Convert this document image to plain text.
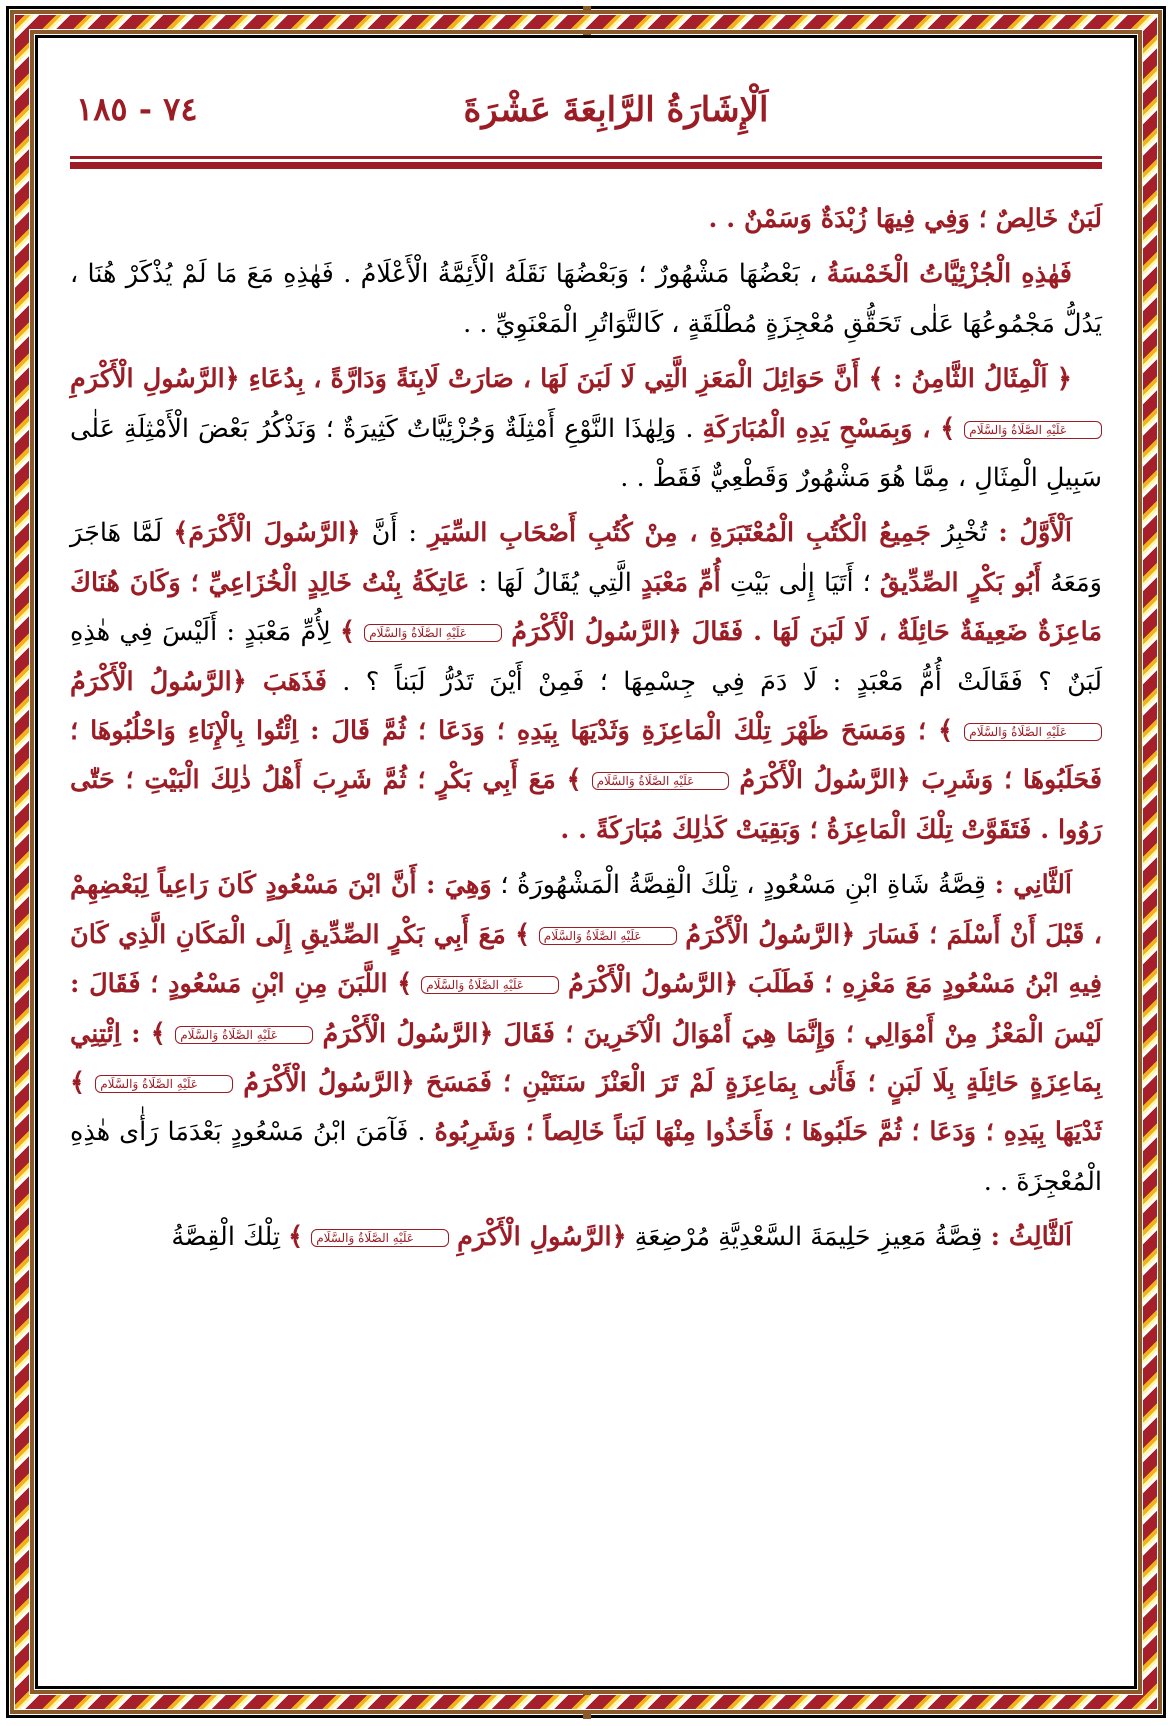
اَلْإِشَارَةُ الرَّابِعَةَ عَشْرَةَ
٧٤ - ١٨٥

لَبَنٌ خَالِصٌ ؛ وَفِي فِيهَا زُبْدَةٌ وَسَمْنٌ . .

فَهٰذِهِ الْجُزْئِيَّاتُ الْخَمْسَةُ ، بَعْضُهَا مَشْهُورٌ ؛ وَبَعْضُهَا نَقَلَهُ الْأَئِمَّةُ الْأَعْلَامُ . فَهٰذِهِ مَعَ مَا لَمْ يُذْكَرْ هُنَا ، يَدُلُّ مَجْمُوعُهَا عَلٰى تَحَقُّقِ مُعْجِزَةٍ مُطْلَقَةٍ ، كَالتَّوَاتُرِ الْمَعْنَوِيِّ . .

﴿ اَلْمِثَالُ الثَّامِنُ : ﴾ أَنَّ حَوَائِلَ الْمَعَزِ الَّتِي لَا لَبَنَ لَهَا ، صَارَتْ لَابِنَةً وَدَارَّةً ، بِدُعَاءِ ﴿الرَّسُولِ الْأَكْرَمِ عَلَيْهِ الصَّلَاةُ وَالسَّلَام ﴾ ، وَبِمَسْحِ يَدِهِ الْمُبَارَكَةِ . وَلِهٰذَا النَّوْعِ أَمْثِلَةٌ وَجُزْئِيَّاتٌ كَثِيرَةٌ ؛ وَنَذْكُرُ بَعْضَ الْأَمْثِلَةِ عَلٰى سَبِيلِ الْمِثَالِ ، مِمَّا هُوَ مَشْهُورٌ وَقَطْعِيٌّ فَقَطْ . .

اَلْأَوَّلُ : تُخْبِرُ جَمِيعُ الْكُتُبِ الْمُعْتَبَرَةِ ، مِنْ كُتُبِ أَصْحَابِ السِّيَرِ : أَنَّ ﴿الرَّسُولَ الْأَكْرَمَ﴾ لَمَّا هَاجَرَ وَمَعَهُ أَبُو بَكْرٍ الصِّدِّيقُ ؛ أَتَيَا إِلٰى بَيْتِ أُمِّ مَعْبَدٍ الَّتِي يُقَالُ لَهَا : عَاتِكَةُ بِنْتُ خَالِدٍ الْخُزَاعِيِّ ؛ وَكَانَ هُنَاكَ مَاعِزَةٌ ضَعِيفَةٌ حَائِلَةٌ ، لَا لَبَنَ لَهَا . فَقَالَ ﴿الرَّسُولُ الْأَكْرَمُ عَلَيْهِ الصَّلَاةُ وَالسَّلَام ﴾ لِأُمِّ مَعْبَدٍ : أَلَيْسَ فِي هٰذِهِ لَبَنٌ ؟ فَقَالَتْ أُمُّ مَعْبَدٍ : لَا دَمَ فِي جِسْمِهَا ؛ فَمِنْ أَيْنَ تَدُرُّ لَبَناً ؟ . فَذَهَبَ ﴿الرَّسُولُ الْأَكْرَمُ عَلَيْهِ الصَّلَاةُ وَالسَّلَام ﴾ ؛ وَمَسَحَ ظَهْرَ تِلْكَ الْمَاعِزَةِ وَثَدْيَهَا بِيَدِهِ ؛ وَدَعَا ؛ ثُمَّ قَالَ : اِئْتُوا بِالْإِنَاءِ وَاحْلُبُوهَا ؛ فَحَلَبُوهَا ؛ وَشَرِبَ ﴿الرَّسُولُ الْأَكْرَمُ عَلَيْهِ الصَّلَاةُ وَالسَّلَام ﴾ مَعَ أَبِي بَكْرٍ ؛ ثُمَّ شَرِبَ أَهْلُ ذٰلِكَ الْبَيْتِ ؛ حَتّٰى رَوُوا . فَتَقَوَّتْ تِلْكَ الْمَاعِزَةُ ؛ وَبَقِيَتْ كَذٰلِكَ مُبَارَكَةً . .

اَلثَّانِي : قِصَّةُ شَاةِ ابْنِ مَسْعُودٍ ، تِلْكَ الْقِصَّةُ الْمَشْهُورَةُ ؛ وَهِيَ : أَنَّ ابْنَ مَسْعُودٍ كَانَ رَاعِياً لِبَعْضِهِمْ ، قَبْلَ أَنْ أَسْلَمَ ؛ فَسَارَ ﴿الرَّسُولُ الْأَكْرَمُ عَلَيْهِ الصَّلَاةُ وَالسَّلَام ﴾ مَعَ أَبِي بَكْرٍ الصِّدِّيقِ إِلَى الْمَكَانِ الَّذِي كَانَ فِيهِ ابْنُ مَسْعُودٍ مَعَ مَعْزِهِ ؛ فَطَلَبَ ﴿الرَّسُولُ الْأَكْرَمُ عَلَيْهِ الصَّلَاةُ وَالسَّلَام ﴾ اللَّبَنَ مِنِ ابْنِ مَسْعُودٍ ؛ فَقَالَ : لَيْسَ الْمَعْزُ مِنْ أَمْوَالِي ؛ وَإِنَّمَا هِيَ أَمْوَالُ الْآخَرِينَ ؛ فَقَالَ ﴿الرَّسُولُ الْأَكْرَمُ عَلَيْهِ الصَّلَاةُ وَالسَّلَام ﴾ : اِئْتِنِي بِمَاعِزَةٍ حَائِلَةٍ بِلَا لَبَنٍ ؛ فَأَتٰى بِمَاعِزَةٍ لَمْ تَرَ الْعَنْزَ سَنَتَيْنِ ؛ فَمَسَحَ ﴿الرَّسُولُ الْأَكْرَمُ عَلَيْهِ الصَّلَاةُ وَالسَّلَام ﴾ ثَدْيَهَا بِيَدِهِ ؛ وَدَعَا ؛ ثُمَّ حَلَبُوهَا ؛ فَأَخَذُوا مِنْهَا لَبَناً خَالِصاً ؛ وَشَرِبُوهُ . فَآمَنَ ابْنُ مَسْعُودٍ بَعْدَمَا رَأٰى هٰذِهِ الْمُعْجِزَةَ . .

اَلثَّالِثُ : قِصَّةُ مَعِيزِ حَلِيمَةَ السَّعْدِيَّةِ مُرْضِعَةِ ﴿الرَّسُولِ الْأَكْرَمِ عَلَيْهِ الصَّلَاةُ وَالسَّلَام ﴾ تِلْكَ الْقِصَّةُ
